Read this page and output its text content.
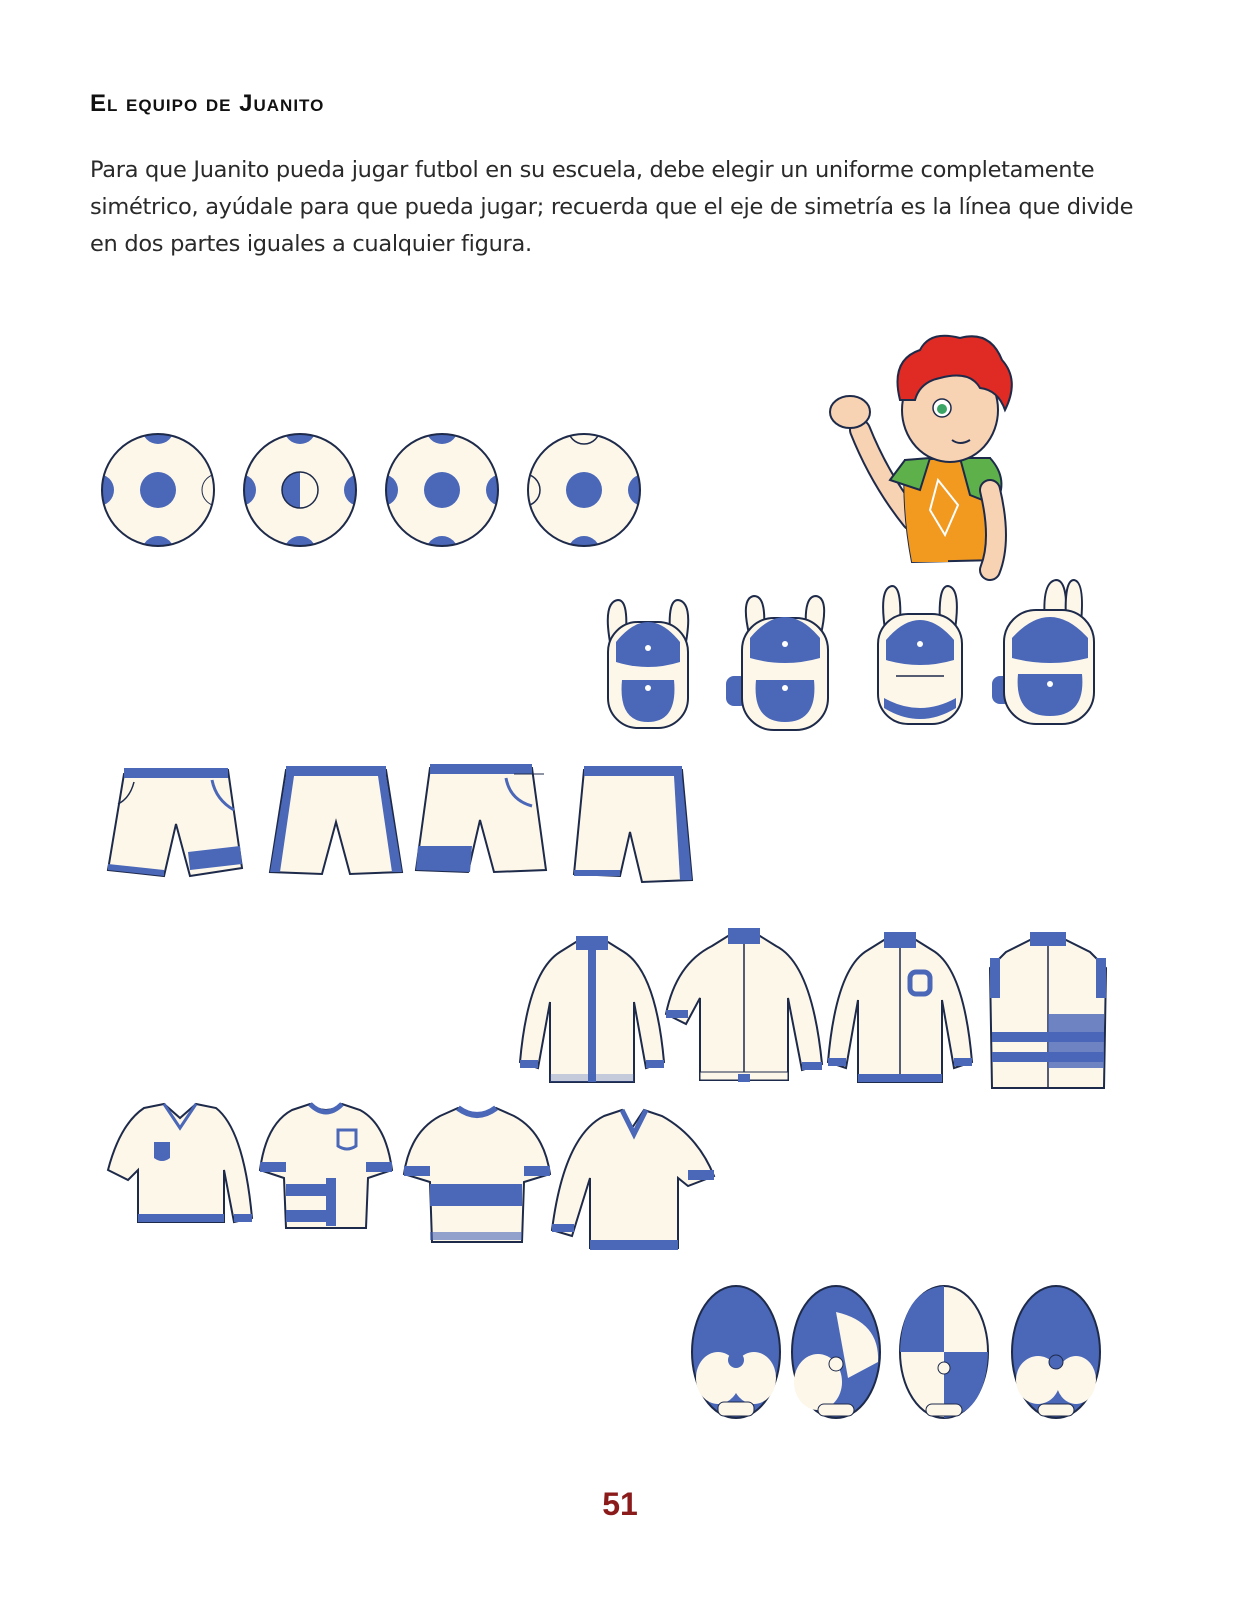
El equipo de Juanito

Para que Juanito pueda jugar futbol en su escuela, debe elegir un uniforme completamente simétrico, ayúdale para que pueda jugar; recuerda que el eje de simetría es la línea que divide en dos partes iguales a cualquier figura.

51
